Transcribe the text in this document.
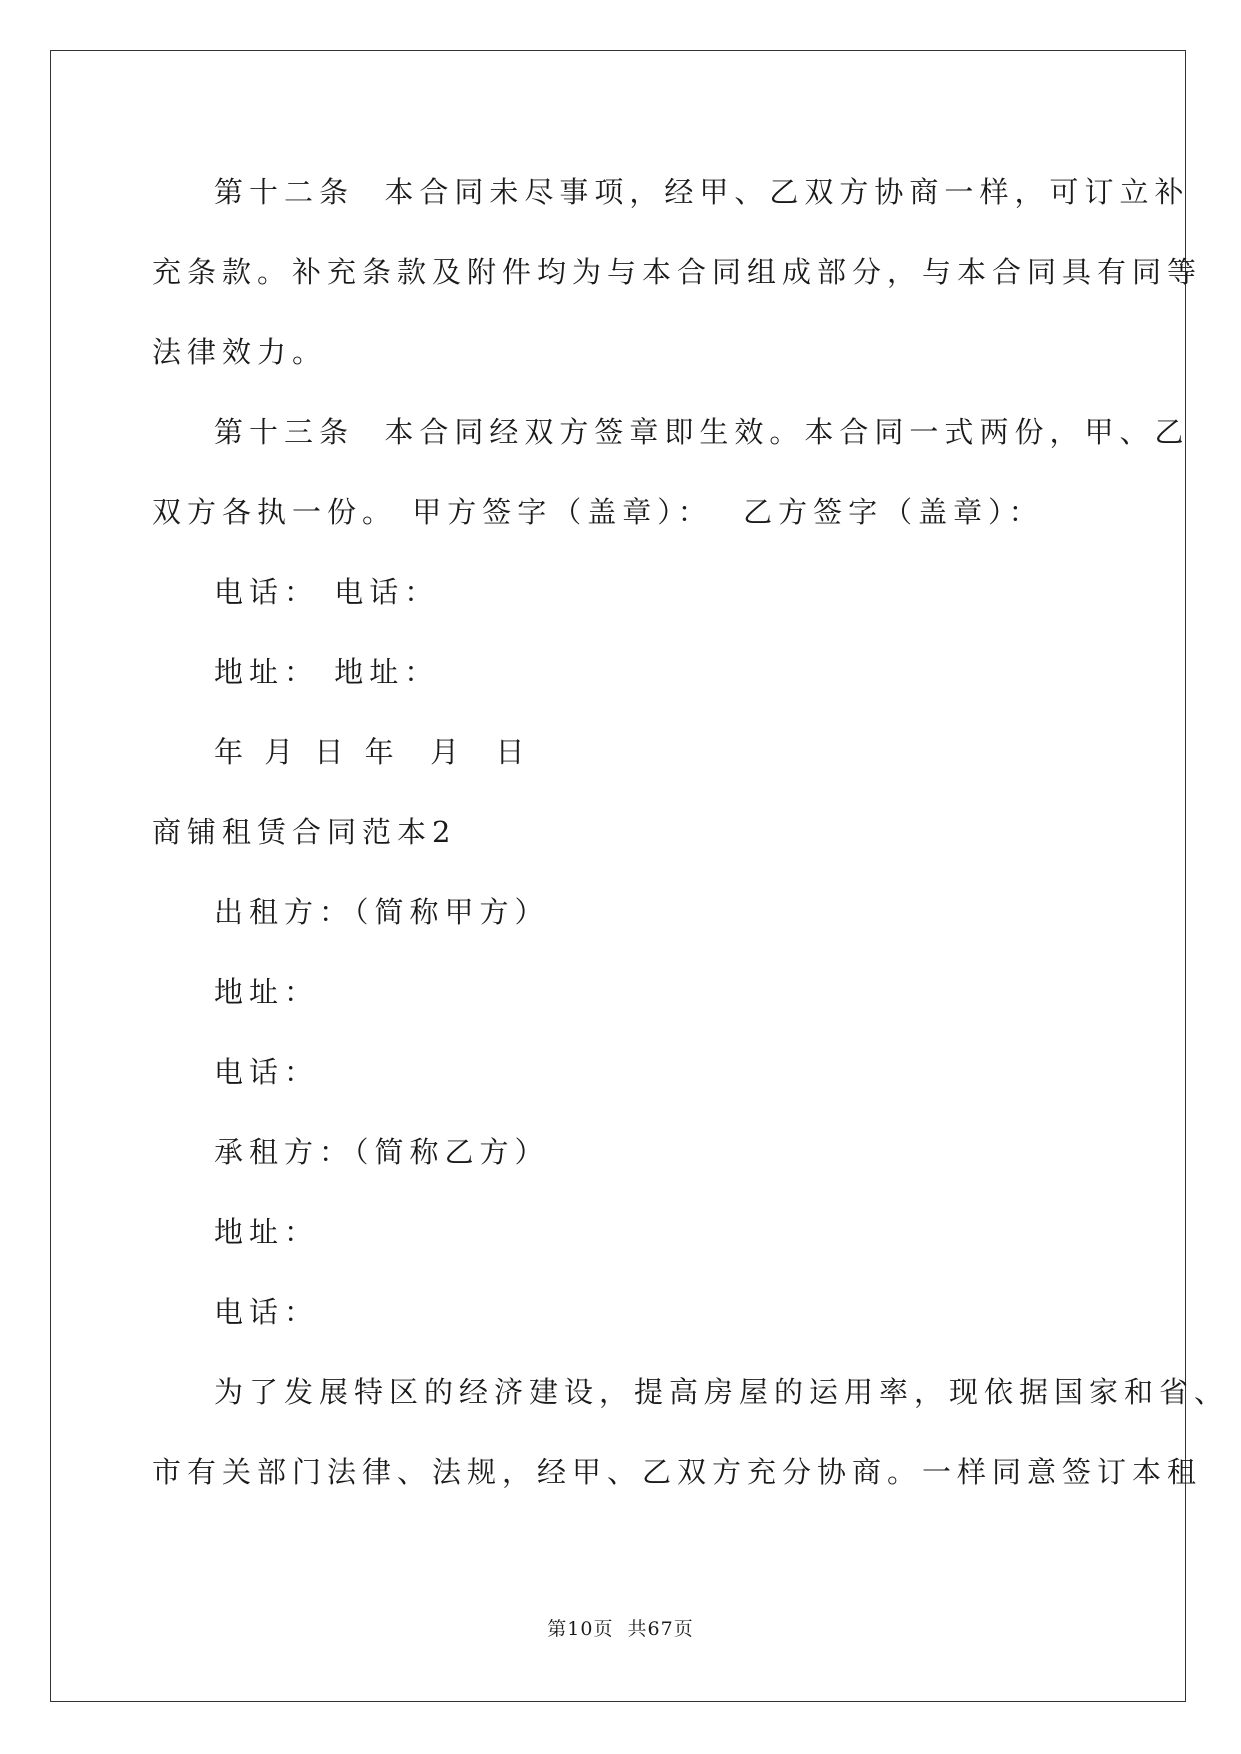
第十二条  本合同未尽事项，经甲、乙双方协商一样，可订立补
充条款。补充条款及附件均为与本合同组成部分，与本合同具有同等
法律效力。
第十三条  本合同经双方签章即生效。本合同一式两份，甲、乙
双方各执一份。 甲方签字（盖章）：  乙方签字（盖章）：
电话： 电话：
地址： 地址：
年 月 日 年  月  日
商铺租赁合同范本2
出租方：（简称甲方）
地址：
电话：
承租方：（简称乙方）
地址：
电话：
为了发展特区的经济建设，提高房屋的运用率，现依据国家和省、
市有关部门法律、法规，经甲、乙双方充分协商。一样同意签订本租
第10页  共67页
